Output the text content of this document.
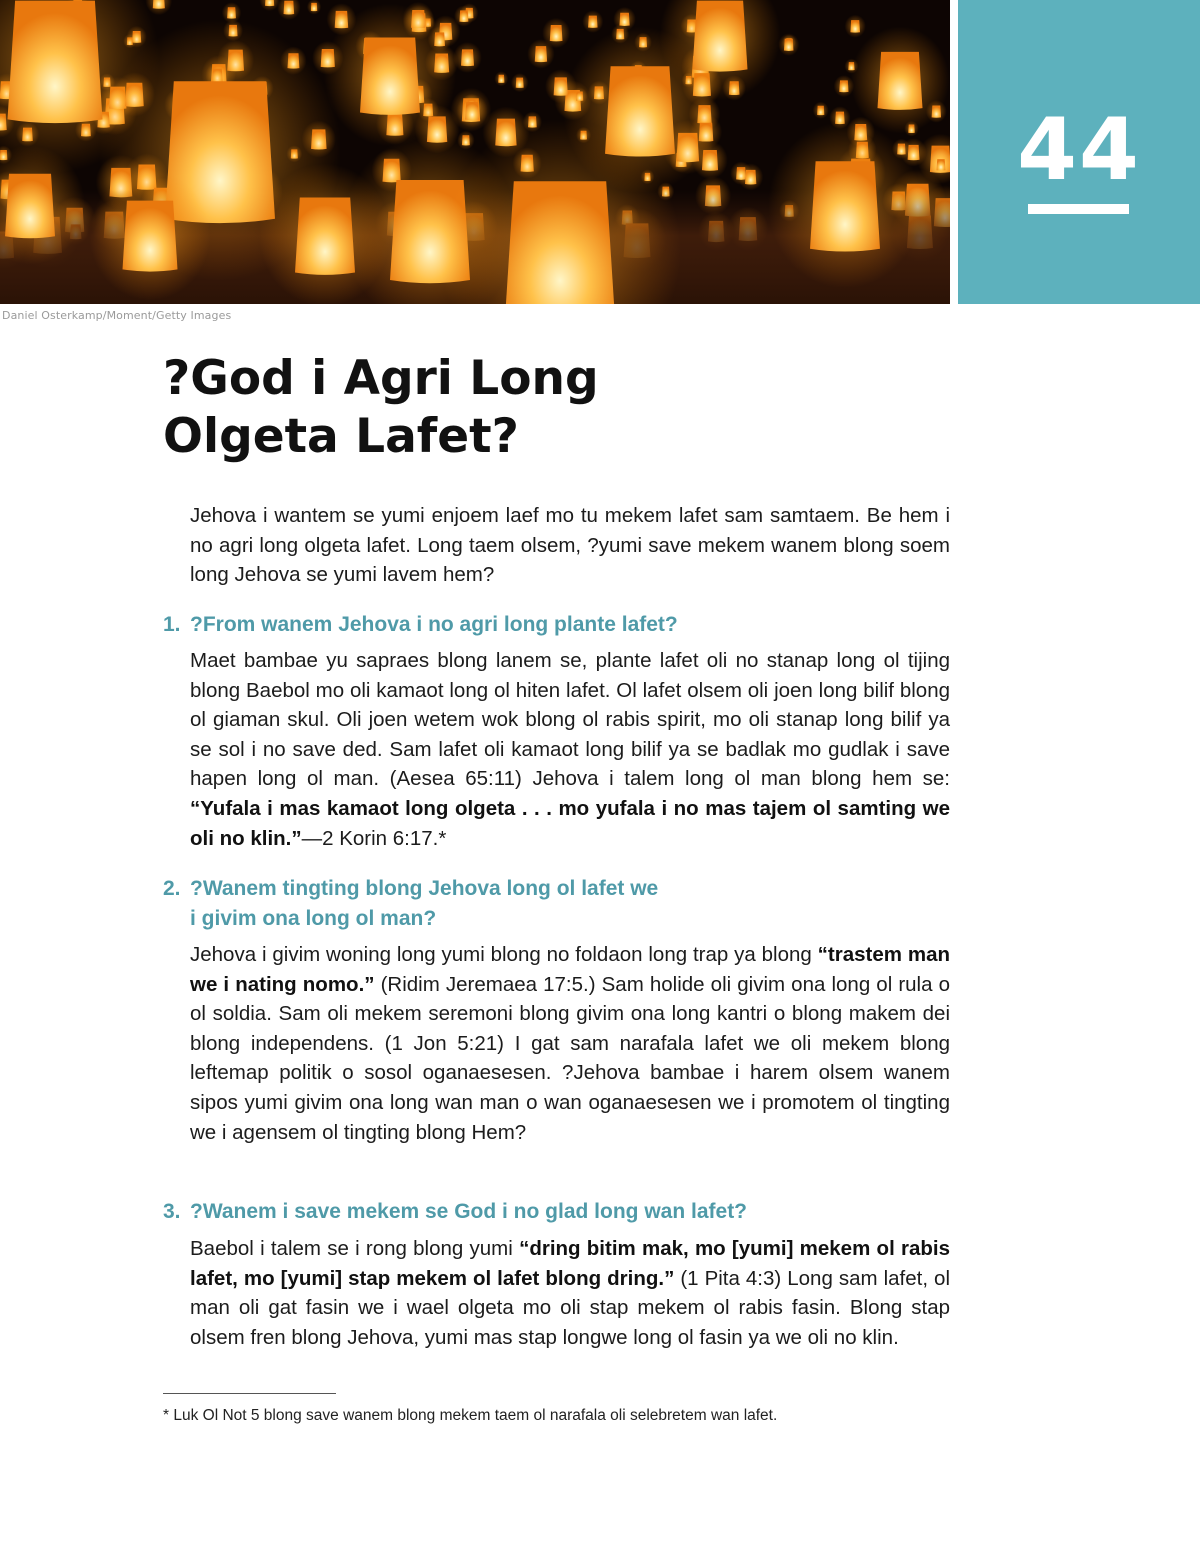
44
Daniel Osterkamp/Moment/Getty Images
?God i Agri Long
Olgeta Lafet?

Jehova i wantem se yumi enjoem laef mo tu mekem lafet sam samtaem. Be hem i no agri long olgeta lafet. Long taem olsem, ?yumi save mekem wanem blong soem long Jehova se yumi lavem hem?

1. ?From wanem Jehova i no agri long plante lafet?

Maet bambae yu sapraes blong lanem se, plante lafet oli no stanap long ol tijing blong Baebol mo oli kamaot long ol hiten lafet. Ol lafet olsem oli joen long bilif blong ol giaman skul. Oli joen wetem wok blong ol rabis spirit, mo oli stanap long bilif ya se sol i no save ded. Sam lafet oli kamaot long bilif ya se badlak mo gudlak i save hapen long ol man. (Aesea 65:11) Jehova i talem long ol man blong hem se: “Yufala i mas kamaot long olgeta . . . mo yufala i no mas tajem ol samting we oli no klin.”—2 Korin 6:17.*

2. ?Wanem tingting blong Jehova long ol lafet we
i givim ona long ol man?

Jehova i givim woning long yumi blong no foldaon long trap ya blong “trastem man we i nating nomo.” (Ridim Jeremaea 17:5.) Sam holide oli givim ona long ol rula o ol soldia. Sam oli mekem seremoni blong givim ona long kantri o blong makem dei blong independens. (1 Jon 5:21) I gat sam narafala lafet we oli mekem blong leftemap politik o sosol oganaesesen. ?Jehova bambae i harem olsem wanem sipos yumi givim ona long wan man o wan oganaesesen we i promotem ol tingting we i agensem ol tingting blong Hem?

3. ?Wanem i save mekem se God i no glad long wan lafet?

Baebol i talem se i rong blong yumi “dring bitim mak, mo [yumi] mekem ol rabis lafet, mo [yumi] stap mekem ol lafet blong dring.” (1 Pita 4:3) Long sam lafet, ol man oli gat fasin we i wael olgeta mo oli stap mekem ol rabis fasin. Blong stap olsem fren blong Jehova, yumi mas stap longwe long ol fasin ya we oli no klin.

* Luk Ol Not 5 blong save wanem blong mekem taem ol narafala oli selebretem wan lafet.
